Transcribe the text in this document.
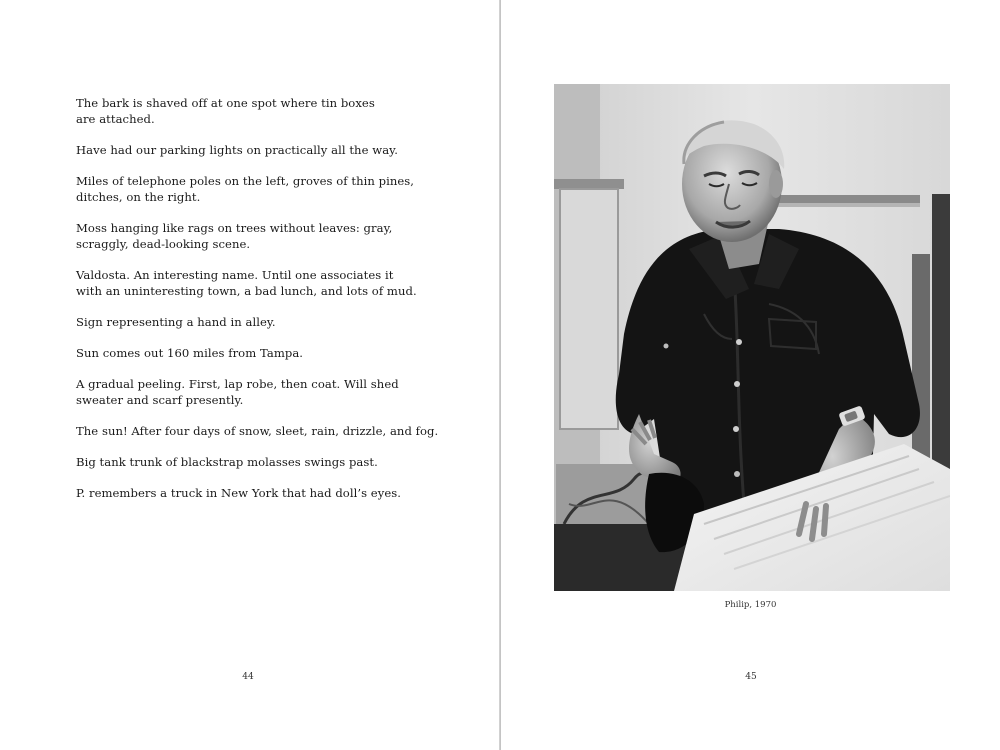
The bark is shaved off at one spot where tin boxes
are attached.

Have had our parking lights on practically all the way.

Miles of telephone poles on the left, groves of thin pines,
ditches, on the right.

Moss hanging like rags on trees without leaves: gray,
scraggly, dead-looking scene.

Valdosta. An interesting name. Until one associates it
with an uninteresting town, a bad lunch, and lots of mud.

Sign representing a hand in alley.

Sun comes out 160 miles from Tampa.

A gradual peeling. First, lap robe, then coat. Will shed
sweater and scarf presently.

The sun! After four days of snow, sleet, rain, drizzle, and fog.

Big tank trunk of blackstrap molasses swings past.

P. remembers a truck in New York that had doll’s eyes.

44
Philip, 1970
45
